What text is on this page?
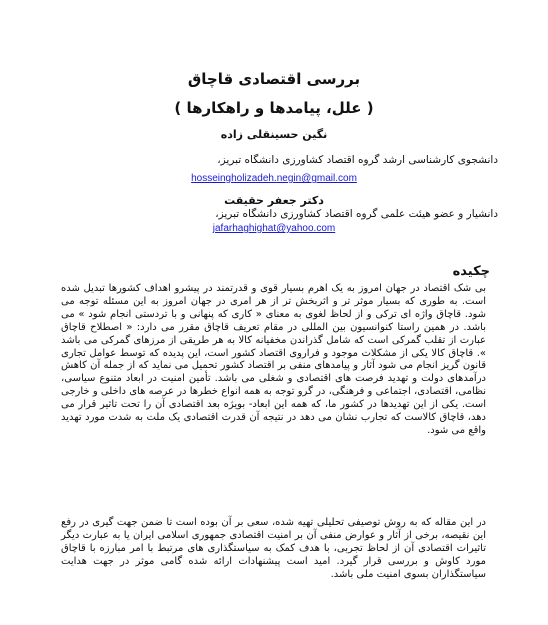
بررسی اقتصادی قاچاق
( علل، پیامدها و راهکارها )
نگین حسینقلی زاده
دانشجوی کارشناسی ارشد گروه اقتصاد کشاورزی دانشگاه تبریز،
hosseingholizadeh.negin@gmail.com
دکتر جعفر حقیقت
دانشیار و عضو هیئت علمی گروه اقتصاد کشاورزی دانشگاه تبریز،
jafarhaghighat@yahoo.com
چکیده
بی شک اقتصاد در جهان امروز به یک اهرم بسیار قوی و قدرتمند در پیشرو اهداف کشورها تبدیل شده است. به طوری که بسیار موثر تر و اثربخش تر از هر امری در جهان امروز به این مسئله توجه می شود. قاچاق واژه ای ترکی و از لحاظ لغوی به معنای « کاری که پنهانی و با تردستی انجام شود » می باشد. در همین راستا کنوانسیون بین المللی در مقام تعریف قاچاق مقرر می دارد: « اصطلاح قاچاق عبارت از تقلب گمرکی است که شامل گذراندن مخفیانه کالا به هر طریقی از مرزهای گمرکی می باشد ». قاچاق کالا یکی از مشکلات موجود و فراروی اقتصاد کشور است، این پدیده که توسط عوامل تجاری قانون گریز انجام می شود آثار و پیامدهای منفی بر اقتصاد کشور تحمیل می نماید که از جمله آن کاهش درآمدهای دولت و تهدید فرصت های اقتصادی و شغلی می باشد. تأمین امنیت در ابعاد متنوع سیاسی، نظامی، اقتصادی، اجتماعی و فرهنگی، در گرو توجه به همه انواع خطرها در عرصه های داخلی و خارجی است. یکی از این تهدیدها در کشور ما، که همه این ابعاد- بویژه بعد اقتصادی آن را تحت تاثیر قرار می دهد، قاچاق کالاست که تجارب نشان می دهد در نتیجه آن قدرت اقتصادی یک ملت به شدت مورد تهدید واقع می شود.
در این مقاله که به روش توصیفی تحلیلی تهیه شده، سعی بر آن بوده است تا ضمن جهت گیری در رفع این نقیصه، برخی از آثار و عوارض منفی آن بر امنیت اقتصادی جمهوری اسلامی ایران یا به عبارت دیگر تاثیرات اقتصادی آن از لحاظ تجربی، با هدف کمک به سیاستگذاری های مرتبط با امر مبارزه با قاچاق مورد کاوش و بررسی قرار گیرد. امید است پیشنهادات ارائه شده گامی موثر در جهت هدایت سیاستگذاران بسوی امنیت ملی باشد.
